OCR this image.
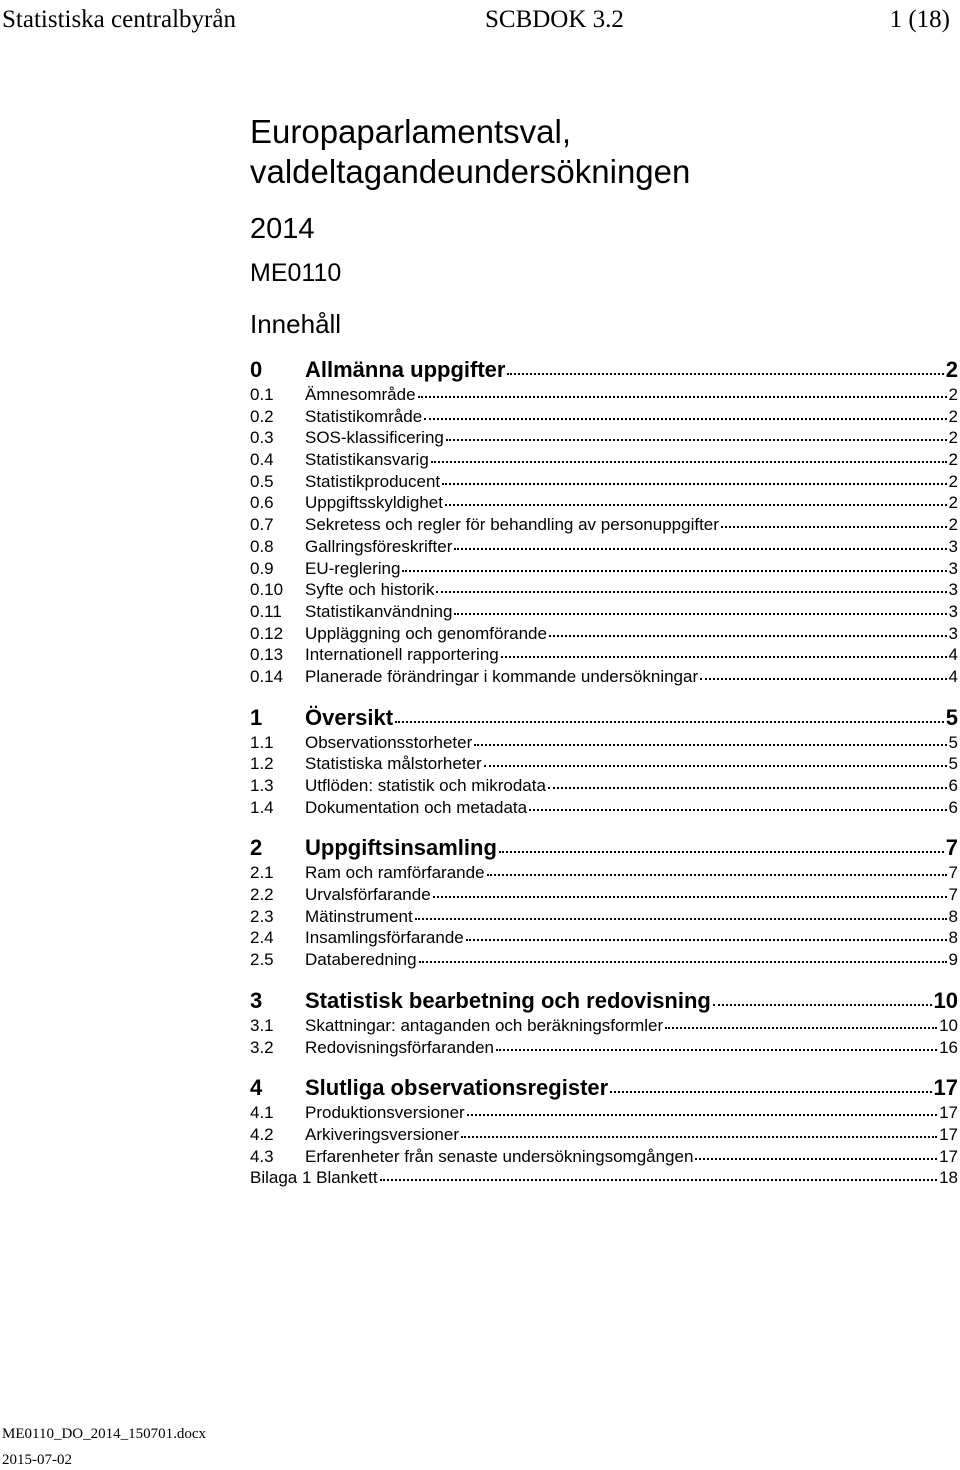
Statistiska centralbyrån	SCBDOK 3.2	1 (18)
Europaparlamentsval,
valdeltagandeundersökningen
2014
ME0110
Innehåll
0	Allmänna uppgifter	2
0.1	Ämnesområde	2
0.2	Statistikområde	2
0.3	SOS-klassificering	2
0.4	Statistikansvarig	2
0.5	Statistikproducent	2
0.6	Uppgiftsskyldighet	2
0.7	Sekretess och regler för behandling av personuppgifter	2
0.8	Gallringsföreskrifter	3
0.9	EU-reglering	3
0.10	Syfte och historik	3
0.11	Statistikanvändning	3
0.12	Uppläggning och genomförande	3
0.13	Internationell rapportering	4
0.14	Planerade förändringar i kommande undersökningar	4
1	Översikt	5
1.1	Observationsstorheter	5
1.2	Statistiska målstorheter	5
1.3	Utflöden: statistik och mikrodata	6
1.4	Dokumentation och metadata	6
2	Uppgiftsinsamling	7
2.1	Ram och ramförfarande	7
2.2	Urvalsförfarande	7
2.3	Mätinstrument	8
2.4	Insamlingsförfarande	8
2.5	Databeredning	9
3	Statistisk bearbetning och redovisning	10
3.1	Skattningar: antaganden och beräkningsformler	10
3.2	Redovisningsförfaranden	16
4	Slutliga observationsregister	17
4.1	Produktionsversioner	17
4.2	Arkiveringsversioner	17
4.3	Erfarenheter från senaste undersökningsomgången	17
Bilaga 1 Blankett	18
ME0110_DO_2014_150701.docx
2015-07-02
